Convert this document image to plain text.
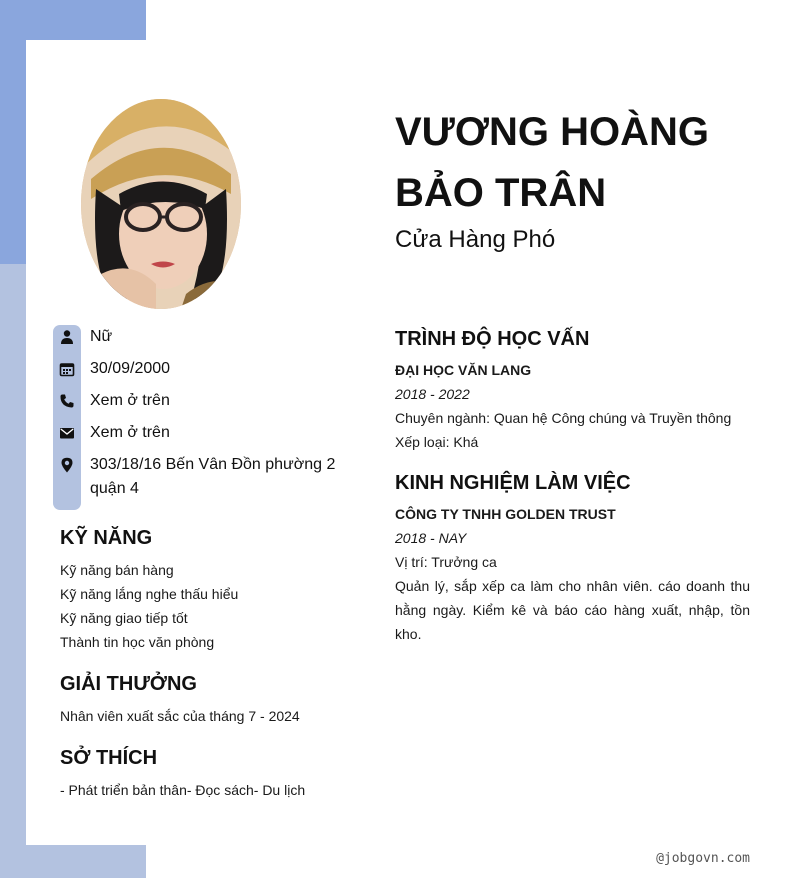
VƯƠNG HOÀNG
BẢO TRÂN
Cửa Hàng Phó
Nữ
30/09/2000
Xem ở trên
Xem ở trên
303/18/16 Bến Vân Đồn phường 2 quận 4
KỸ NĂNG
Kỹ năng bán hàng
Kỹ năng lắng nghe thấu hiểu
Kỹ năng giao tiếp tốt
Thành tin học văn phòng
GIẢI THƯỞNG
Nhân viên xuất sắc của tháng 7 - 2024
SỞ THÍCH
- Phát triển bản thân- Đọc sách- Du lịch
TRÌNH ĐỘ HỌC VẤN
ĐẠI HỌC VĂN LANG
2018 - 2022
Chuyên ngành: Quan hệ Công chúng và Truyền thông
Xếp loại: Khá
KINH NGHIỆM LÀM VIỆC
CÔNG TY TNHH GOLDEN TRUST
2018 - NAY
Vị trí: Trưởng ca
Quản lý, sắp xếp ca làm cho nhân viên. cáo doanh thu hằng ngày. Kiểm kê và báo cáo hàng xuất, nhập, tồn kho.
@jobgovn.com
